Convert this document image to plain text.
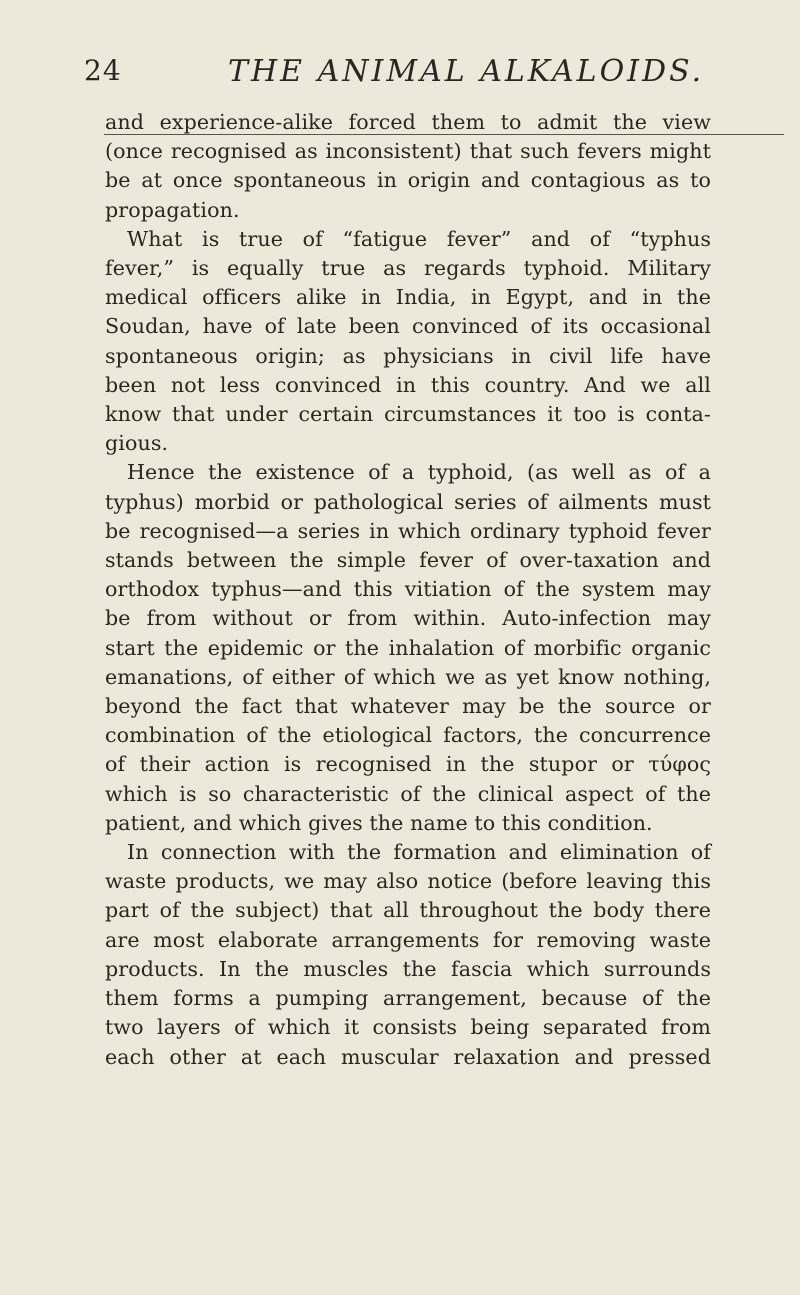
24	THE ANIMAL ALKALOIDS.
and experience-alike forced them to admit the view
(once recognised as inconsistent) that such fevers might
be at once spontaneous in origin and contagious as to
propagation.
What is true of “fatigue fever” and of “typhus
fever,” is equally true as regards typhoid. Military
medical officers alike in India, in Egypt, and in the
Soudan, have of late been convinced of its occasional
spontaneous origin; as physicians in civil life have
been not less convinced in this country. And we all
know that under certain circumstances it too is conta-
gious.
Hence the existence of a typhoid, (as well as of a
typhus) morbid or pathological series of ailments must
be recognised—a series in which ordinary typhoid fever
stands between the simple fever of over-taxation and
orthodox typhus—and this vitiation of the system may
be from without or from within. Auto-infection may
start the epidemic or the inhalation of morbific organic
emanations, of either of which we as yet know nothing,
beyond the fact that whatever may be the source or
combination of the etiological factors, the concurrence
of their action is recognised in the stupor or τύφος
which is so characteristic of the clinical aspect of the
patient, and which gives the name to this condition.
In connection with the formation and elimination of
waste products, we may also notice (before leaving this
part of the subject) that all throughout the body there
are most elaborate arrangements for removing waste
products. In the muscles the fascia which surrounds
them forms a pumping arrangement, because of the
two layers of which it consists being separated from
each other at each muscular relaxation and pressed
